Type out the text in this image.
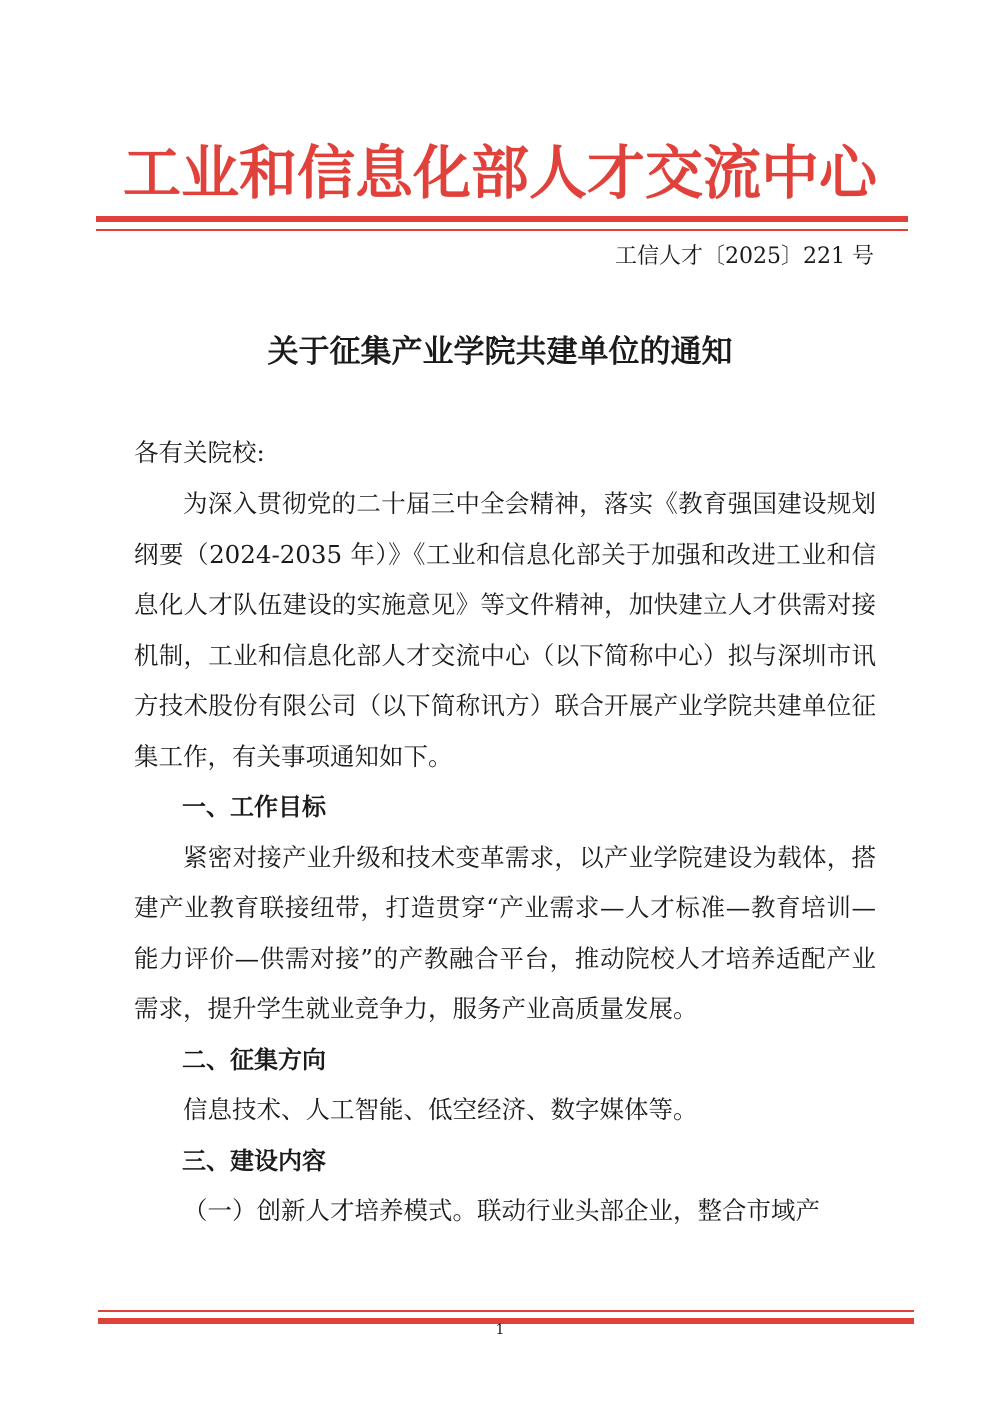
工业和信息化部人才交流中心
工信人才〔2025〕221 号
关于征集产业学院共建单位的通知
各有关院校:

为深入贯彻党的二十届三中全会精神，落实《教育强国建设规划纲要（2024-2035 年）》《工业和信息化部关于加强和改进工业和信息化人才队伍建设的实施意见》等文件精神，加快建立人才供需对接机制，工业和信息化部人才交流中心（以下简称中心）拟与深圳市讯方技术股份有限公司（以下简称讯方）联合开展产业学院共建单位征集工作，有关事项通知如下。

一、工作目标

紧密对接产业升级和技术变革需求，以产业学院建设为载体，搭建产业教育联接纽带，打造贯穿“产业需求—人才标准—教育培训—能力评价—供需对接”的产教融合平台，推动院校人才培养适配产业需求，提升学生就业竞争力，服务产业高质量发展。

二、征集方向

信息技术、人工智能、低空经济、数字媒体等。

三、建设内容

（一）创新人才培养模式。联动行业头部企业，整合市域产

1
